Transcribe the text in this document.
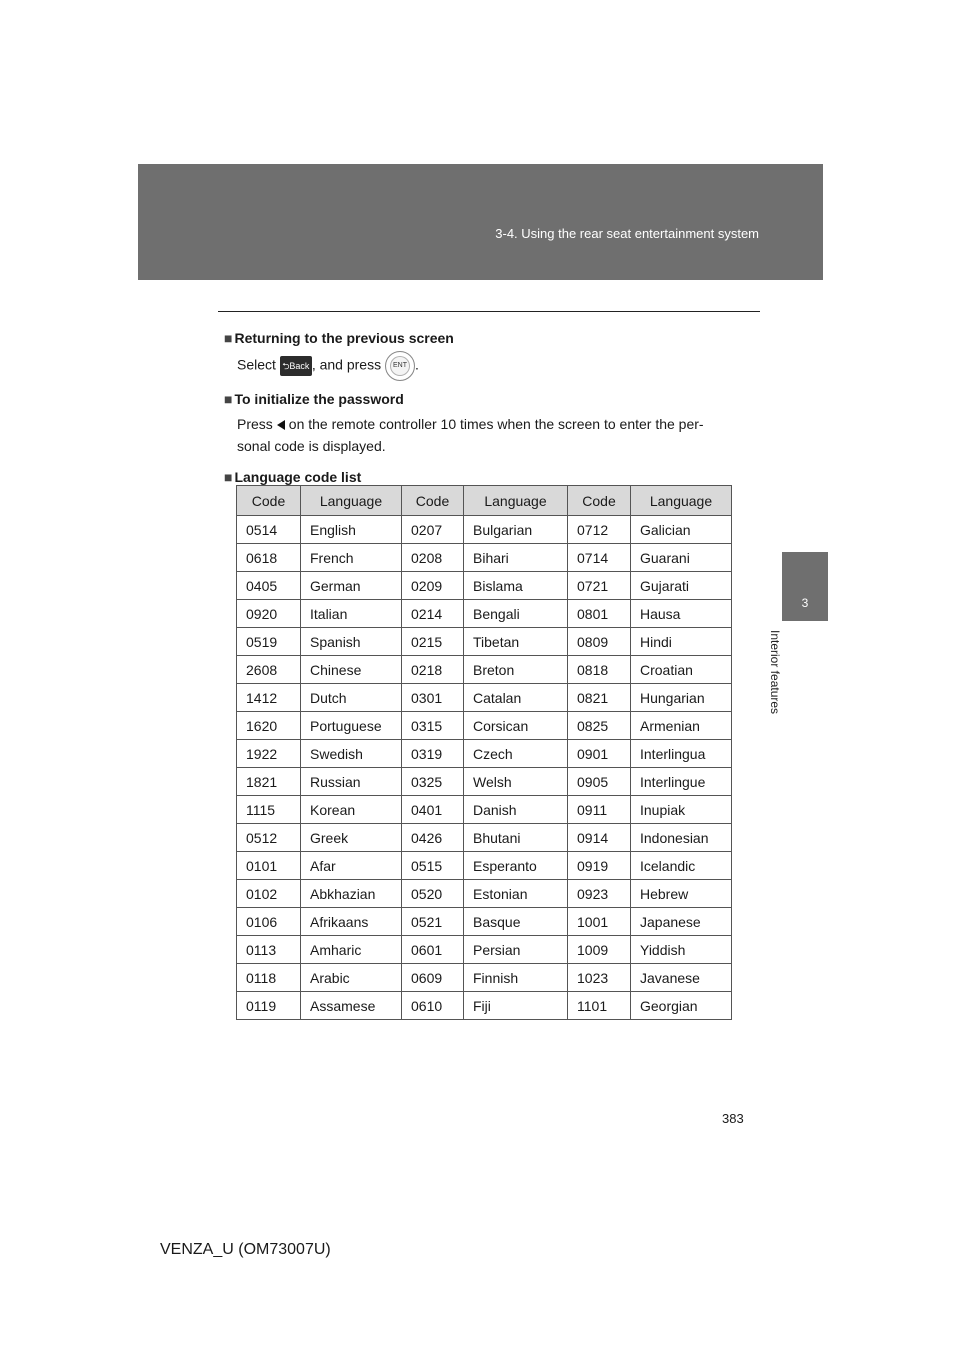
3-4. Using the rear seat entertainment system
3
Interior features

■ Returning to the previous screen

Select ⮌Back , and press ENT .

■ To initialize the password

Press on the remote controller 10 times when the screen to enter the per-
sonal code is displayed.

■ Language code list

Code	Language	Code	Language	Code	Language
0514	English	0207	Bulgarian	0712	Galician
0618	French	0208	Bihari	0714	Guarani
0405	German	0209	Bislama	0721	Gujarati
0920	Italian	0214	Bengali	0801	Hausa
0519	Spanish	0215	Tibetan	0809	Hindi
2608	Chinese	0218	Breton	0818	Croatian
1412	Dutch	0301	Catalan	0821	Hungarian
1620	Portuguese	0315	Corsican	0825	Armenian
1922	Swedish	0319	Czech	0901	Interlingua
1821	Russian	0325	Welsh	0905	Interlingue
1115	Korean	0401	Danish	0911	Inupiak
0512	Greek	0426	Bhutani	0914	Indonesian
0101	Afar	0515	Esperanto	0919	Icelandic
0102	Abkhazian	0520	Estonian	0923	Hebrew
0106	Afrikaans	0521	Basque	1001	Japanese
0113	Amharic	0601	Persian	1009	Yiddish
0118	Arabic	0609	Finnish	1023	Javanese
0119	Assamese	0610	Fiji	1101	Georgian
383
VENZA_U (OM73007U)
